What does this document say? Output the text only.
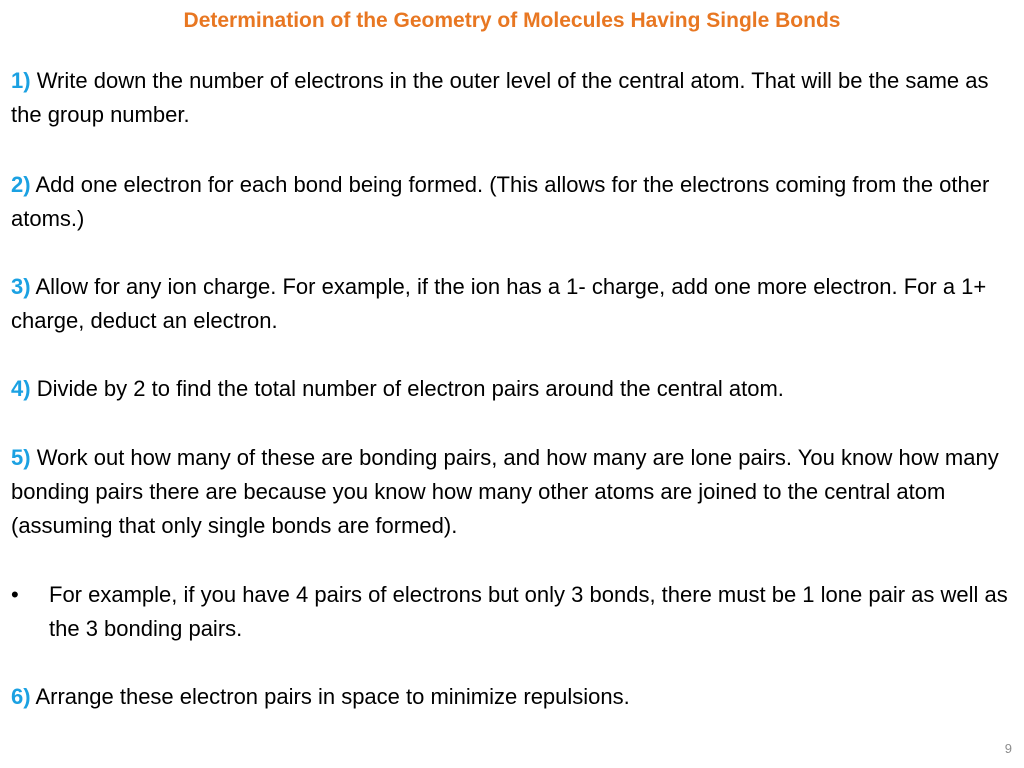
Determination of the Geometry of Molecules Having Single Bonds
1) Write down the number of electrons in the outer level of the central atom. That will be the same as the group number.
2) Add one electron for each bond being formed. (This allows for the electrons coming from the other atoms.)
3) Allow for any ion charge. For example, if the ion has a 1- charge, add one more electron. For a 1+ charge, deduct an electron.
4) Divide by 2 to find the total number of electron pairs around the central atom.
5) Work out how many of these are bonding pairs, and how many are lone pairs. You know how many bonding pairs there are because you know how many other atoms are joined to the central atom (assuming that only single bonds are formed).
•	For example, if you have 4 pairs of electrons but only 3 bonds, there must be 1 lone pair as well as the 3 bonding pairs.
6) Arrange these electron pairs in space to minimize repulsions.
9
